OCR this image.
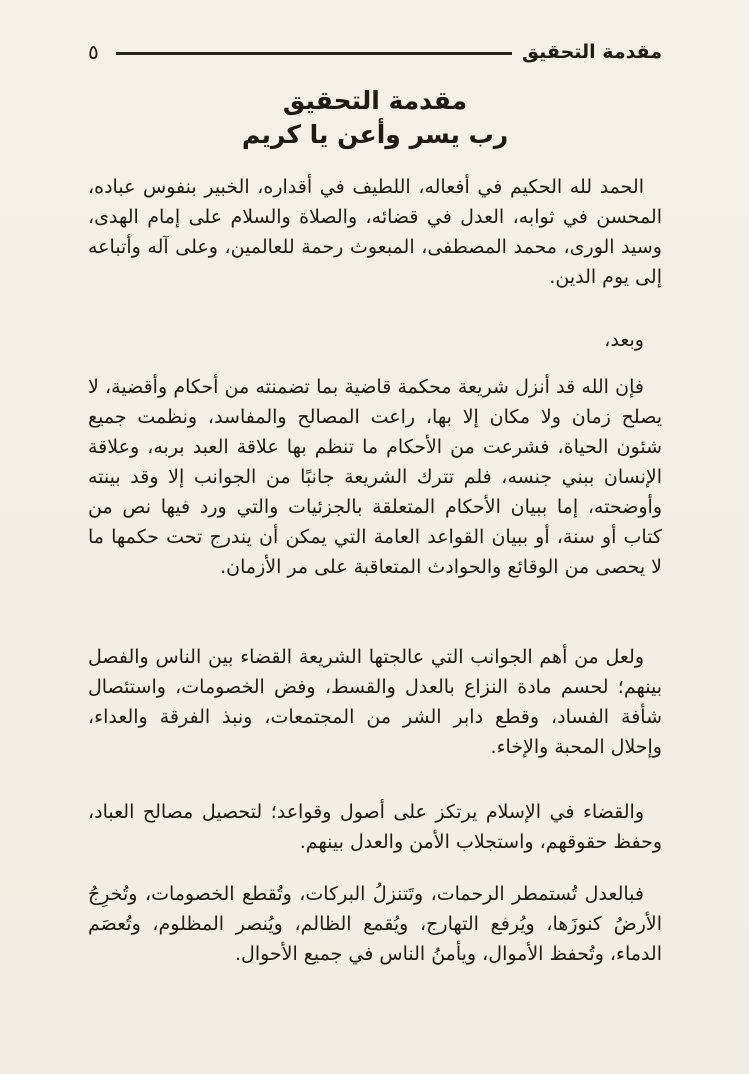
مقدمة التحقيق
٥
مقدمة التحقيق
رب يسر وأعن يا كريم

الحمد لله الحكيم في أفعاله، اللطيف في أقداره، الخبير بنفوس عباده، المحسن في ثوابه، العدل في قضائه، والصلاة والسلام على إمام الهدى، وسيد الورى، محمد المصطفى، المبعوث رحمة للعالمين، وعلى آله وأتباعه إلى يوم الدين.

وبعد،

فإن الله قد أنزل شريعة محكمة قاضية بما تضمنته من أحكام وأقضية، لا يصلح زمان ولا مكان إلا بها، راعت المصالح والمفاسد، ونظمت جميع شئون الحياة، فشرعت من الأحكام ما تنظم بها علاقة العبد بربه، وعلاقة الإنسان ببني جنسه، فلم تترك الشريعة جانبًا من الجوانب إلا وقد بينته وأوضحته، إما ببيان الأحكام المتعلقة بالجزئيات والتي ورد فيها نص من كتاب أو سنة، أو ببيان القواعد العامة التي يمكن أن يندرج تحت حكمها ما لا يحصى من الوقائع والحوادث المتعاقبة على مر الأزمان.

ولعل من أهم الجوانب التي عالجتها الشريعة القضاء بين الناس والفصل بينهم؛ لحسم مادة النزاع بالعدل والقسط، وفض الخصومات، واستئصال شأفة الفساد، وقطع دابر الشر من المجتمعات، ونبذ الفرقة والعداء، وإحلال المحبة والإخاء.

والقضاء في الإسلام يرتكز على أصول وقواعد؛ لتحصيل مصالح العباد، وحفظ حقوقهم، واستجلاب الأمن والعدل بينهم.

فبالعدل تُستمطر الرحمات، وتَتنزلُ البركات، وتُقطع الخصومات، وتُخرِجُ الأرضُ كنوزَها، ويُرفع التهارج، ويُقمع الظالم، ويُنصر المظلوم، وتُعصَم الدماء، وتُحفظ الأموال، ويأمنُ الناس في جميع الأحوال.
